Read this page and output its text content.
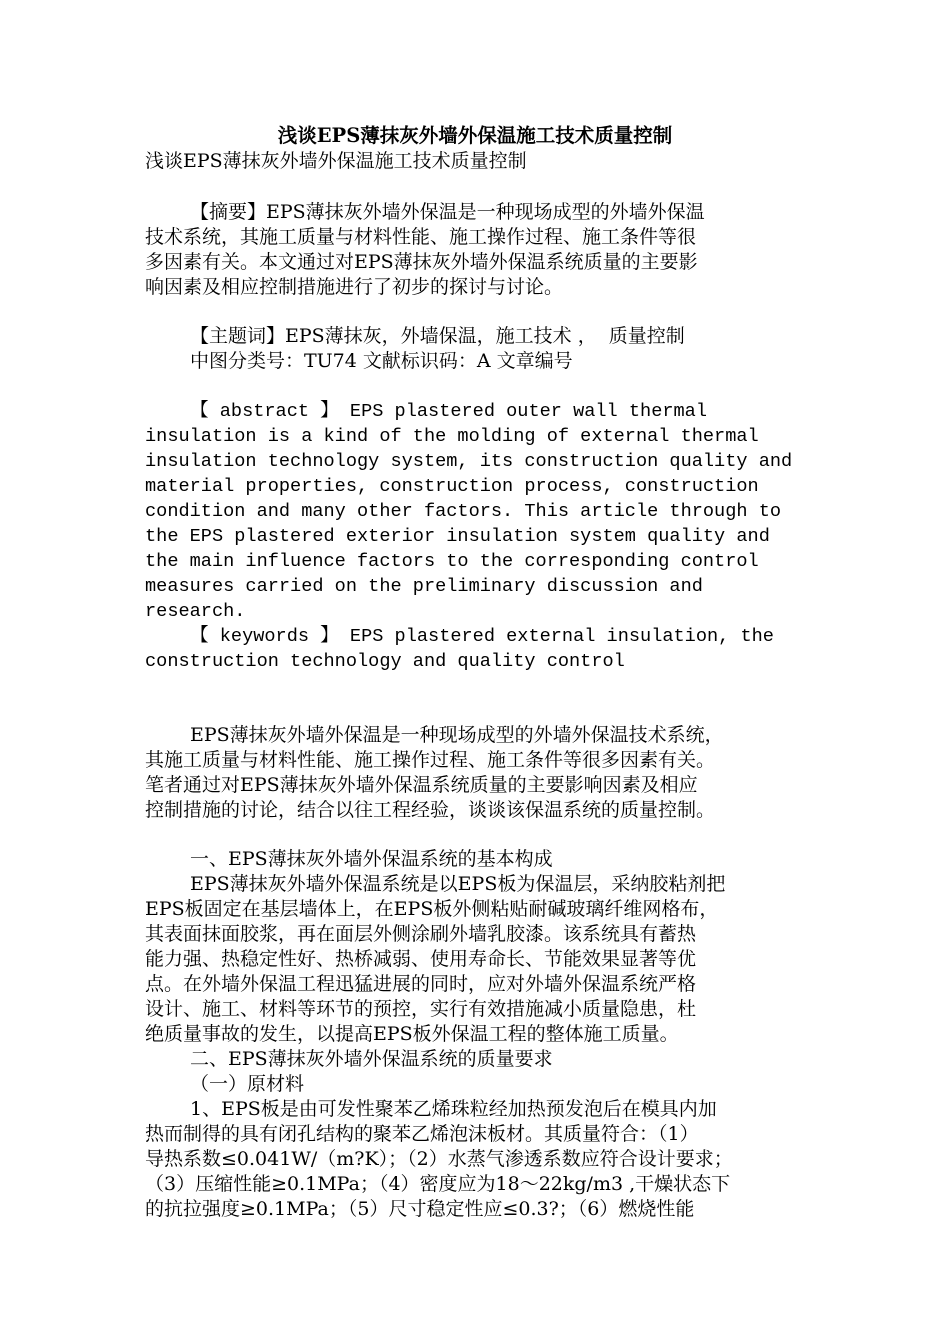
浅谈EPS薄抹灰外墙外保温施工技术质量控制
浅谈EPS薄抹灰外墙外保温施工技术质量控制
【摘要】EPS薄抹灰外墙外保温是一种现场成型的外墙外保温
技术系统，其施工质量与材料性能、施工操作过程、施工条件等很
多因素有关。本文通过对EPS薄抹灰外墙外保温系统质量的主要影
响因素及相应控制措施进行了初步的探讨与讨论。
【主题词】EPS薄抹灰，外墙保温，施工技术 ，  质量控制
中图分类号：TU74 文献标识码：A 文章编号
【 abstract 】 EPS plastered outer wall thermal
insulation is a kind of the molding of external thermal
insulation technology system, its construction quality and
material properties, construction process, construction
condition and many other factors. This article through to
the EPS plastered exterior insulation system quality and
the main influence factors to the corresponding control
measures carried on the preliminary discussion and
research.
【 keywords 】 EPS plastered external insulation, the
construction technology and quality control
EPS薄抹灰外墙外保温是一种现场成型的外墙外保温技术系统，
其施工质量与材料性能、施工操作过程、施工条件等很多因素有关。
笔者通过对EPS薄抹灰外墙外保温系统质量的主要影响因素及相应
控制措施的讨论，结合以往工程经验，谈谈该保温系统的质量控制。
一、EPS薄抹灰外墙外保温系统的基本构成
EPS薄抹灰外墙外保温系统是以EPS板为保温层，采纳胶粘剂把
EPS板固定在基层墙体上，在EPS板外侧粘贴耐碱玻璃纤维网格布，
其表面抹面胶浆，再在面层外侧涂刷外墙乳胶漆。该系统具有蓄热
能力强、热稳定性好、热桥减弱、使用寿命长、节能效果显著等优
点。在外墙外保温工程迅猛进展的同时，应对外墙外保温系统严格
设计、施工、材料等环节的预控，实行有效措施减小质量隐患，杜
绝质量事故的发生，以提高EPS板外保温工程的整体施工质量。
二、EPS薄抹灰外墙外保温系统的质量要求
（一）原材料
1、EPS板是由可发性聚苯乙烯珠粒经加热预发泡后在模具内加
热而制得的具有闭孔结构的聚苯乙烯泡沫板材。其质量符合：（1）
导热系数≤0.041W/（m?K）；（2）水蒸气渗透系数应符合设计要求；
（3）压缩性能≥0.1MPa；（4）密度应为18～22kg/m3 ,干燥状态下
的抗拉强度≥0.1MPa；（5）尺寸稳定性应≤0.3?；（6）燃烧性能
